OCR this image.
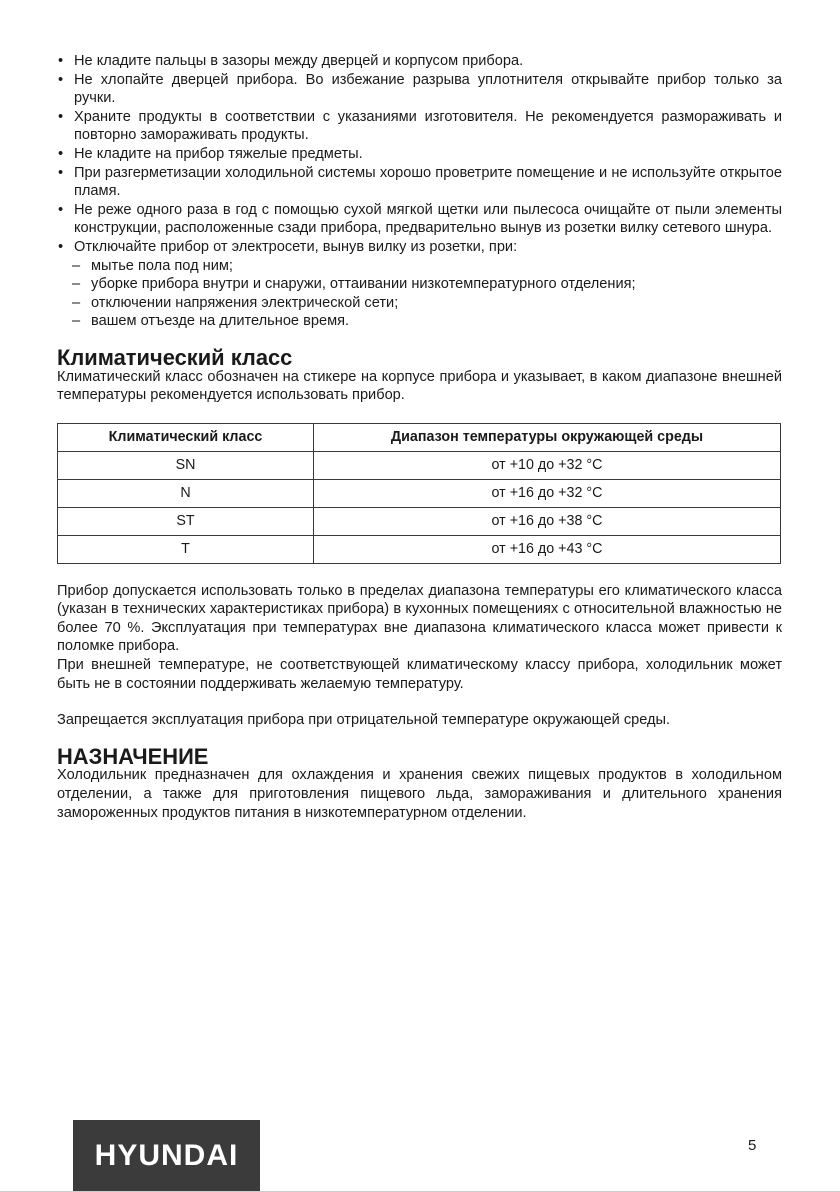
• Не кладите пальцы в зазоры между дверцей и корпусом прибора.
• Не хлопайте дверцей прибора. Во избежание разрыва уплотнителя открывайте прибор только за ручки.
• Храните продукты в соответствии с указаниями изготовителя. Не рекомендуется размораживать и повторно замораживать продукты.
• Не кладите на прибор тяжелые предметы.
• При разгерметизации холодильной системы хорошо проветрите помещение и не используйте открытое пламя.
• Не реже одного раза в год с помощью сухой мягкой щетки или пылесоса очищайте от пыли элементы конструкции, расположенные сзади прибора, предварительно вынув из розетки вилку сетевого шнура.
• Отключайте прибор от электросети, вынув вилку из розетки, при:
– мытье пола под ним;
– уборке прибора внутри и снаружи, оттаивании низкотемпературного отделения;
– отключении напряжения электрической сети;
– вашем отъезде на длительное время.
Климатический класс

Климатический класс обозначен на стикере на корпусе прибора и указывает, в каком диапазоне внешней температуры рекомендуется использовать прибор.

Климатический класс	Диапазон температуры окружающей среды
SN	от +10 до +32 °С
N	от +16 до +32 °С
ST	от +16 до +38 °С
T	от +16 до +43 °С

Прибор допускается использовать только в пределах диапазона температуры его климатического класса (указан в технических характеристиках прибора) в кухонных помещениях с относительной влажностью не более 70 %. Эксплуатация при температурах вне диапазона климатического класса может привести к поломке прибора.

При внешней температуре, не соответствующей климатическому классу прибора, холодильник может быть не в состоянии поддерживать желаемую температуру.

Запрещается эксплуатация прибора при отрицательной температуре окружающей среды.

НАЗНАЧЕНИЕ

Холодильник предназначен для охлаждения и хранения свежих пищевых продуктов в холодильном отделении, а также для приготовления пищевого льда, замораживания и длительного хранения замороженных продуктов питания в низкотемпературном отделении.

HYUNDAI	5
